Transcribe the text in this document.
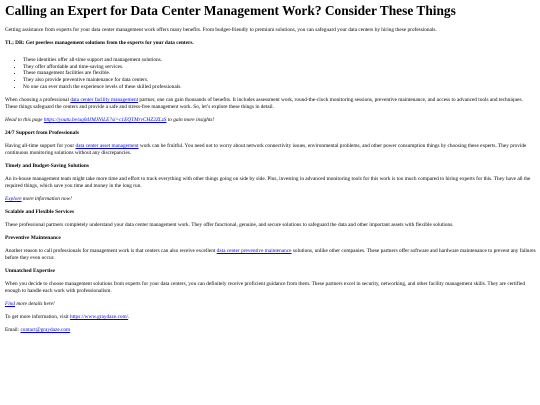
Calling an Expert for Data Center Management Work? Consider These Things

Getting assistance from experts for your data center management work offers many benefits. From budget-friendly to premium solutions, you can safeguard your data centers by hiring these professionals.

TL; DR: Get peerless management solutions from the experts for your data centers.

• These identities offer all-time support and management solutions.
• They offer affordable and time-saving services.
• These management facilities are flexible.
• They also provide preventive maintenance for data centers.
• No one can ever match the experience levels of these skilled professionals.

When choosing a professional data center facility management partner, one can gain thousands of benefits. It includes assessment work, round-the-clock monitoring sessions, preventive maintenance, and access to advanced tools and techniques. These things safeguard the centers and provide a safe and stress-free management work. So, let’s explore these things in detail.

Head to this page https://youtu.be/uq0dJMJNiLE?si=c1EQTMrvCHZ2ZLzS to gain more insights!

24/7 Support from Professionals

Having all-time support for your data center asset management work can be fruitful. You need not to worry about network connectivity issues, environmental problems, and other power consumption things by choosing these experts. They provide continuous monitoring solutions without any discrepancies.

Timely and Budget-Saving Solutions

An in-house management team might take more time and effort to track everything with other things going on side by side. Plus, investing in advanced monitoring tools for this work is too much compared to hiring experts for this. They have all the required things, which save you time and money in the long run.

Explore more information now!

Scalable and Flexible Services

These professional partners completely understand your data center management work. They offer functional, genuine, and secure solutions to safeguard the data and other important assets with flexible solutions.

Preventive Maintenance

Another reason to call professionals for management work is that centers can also receive excellent data center preventive maintenance solutions, unlike other companies. These partners offer software and hardware maintenance to prevent any failures before they even occur.

Unmatched Expertise

When you decide to choose management solutions from experts for your data centers, you can definitely receive proficient guidance from them. These partners excel in security, networking, and other facility management skills. They are certified enough to handle each work with professionalism.

Find more details here!

To get more information, visit https://www.graydaze.com/.

Email: contact@graydaze.com
